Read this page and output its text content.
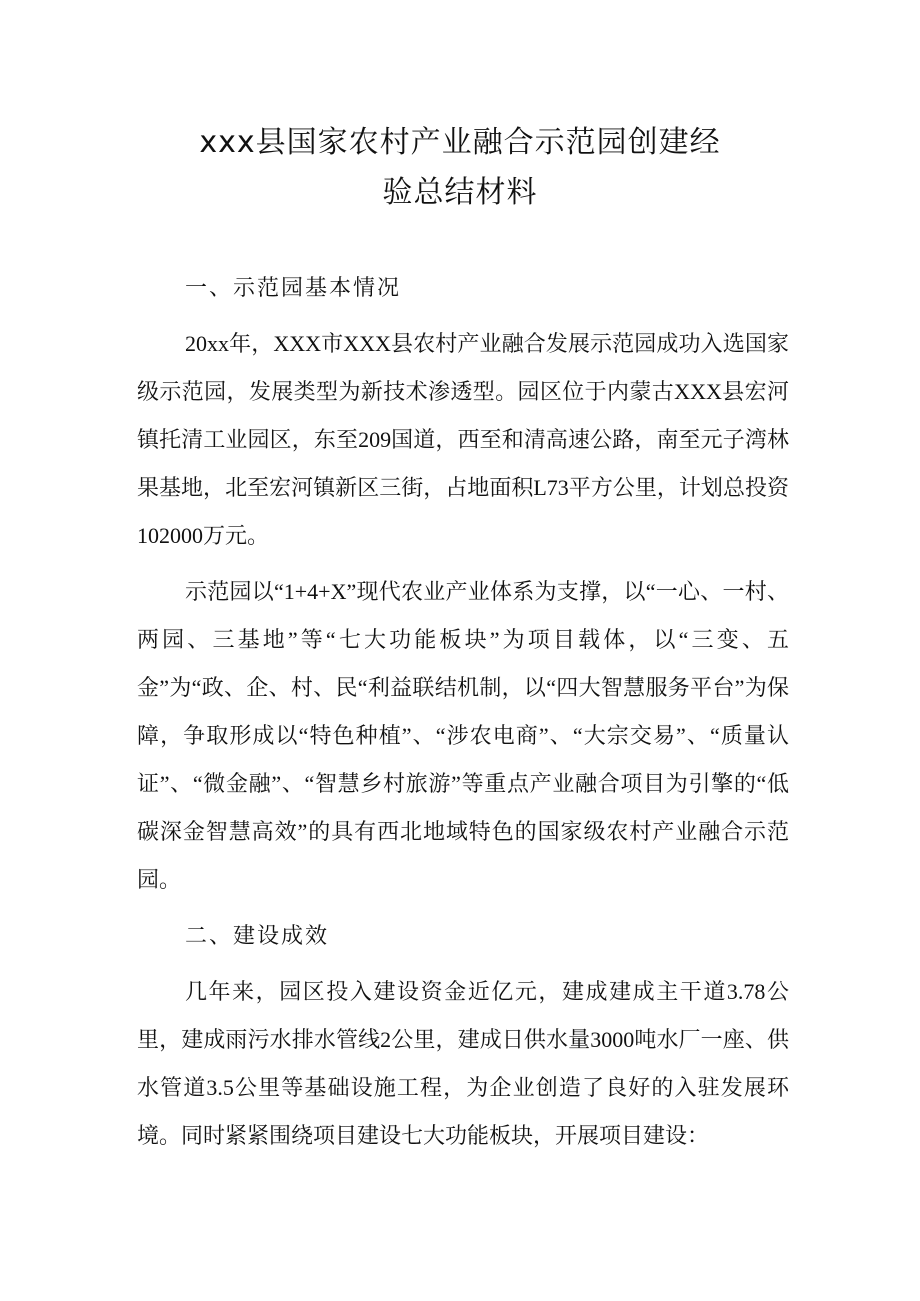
xxx县国家农村产业融合示范园创建经
验总结材料

一、示范园基本情况

20xx年，XXX市XXX县农村产业融合发展示范园成功入选国家级示范园，发展类型为新技术渗透型。园区位于内蒙古XXX县宏河镇托清工业园区，东至209国道，西至和清高速公路，南至元子湾林果基地，北至宏河镇新区三街，占地面积L73平方公里，计划总投资102000万元。

示范园以“1+4+X”现代农业产业体系为支撑，以“一心、一村、两园、三基地”等“七大功能板块”为项目载体，以“三变、五金”为“政、企、村、民“利益联结机制，以“四大智慧服务平台”为保障，争取形成以“特色种植”、“涉农电商”、“大宗交易”、“质量认证”、“微金融”、“智慧乡村旅游”等重点产业融合项目为引擎的“低碳深金智慧高效”的具有西北地域特色的国家级农村产业融合示范园。

二、建设成效

几年来，园区投入建设资金近亿元，建成建成主干道3.78公里，建成雨污水排水管线2公里，建成日供水量3000吨水厂一座、供水管道3.5公里等基础设施工程，为企业创造了良好的入驻发展环境。同时紧紧围绕项目建设七大功能板块，开展项目建设：
